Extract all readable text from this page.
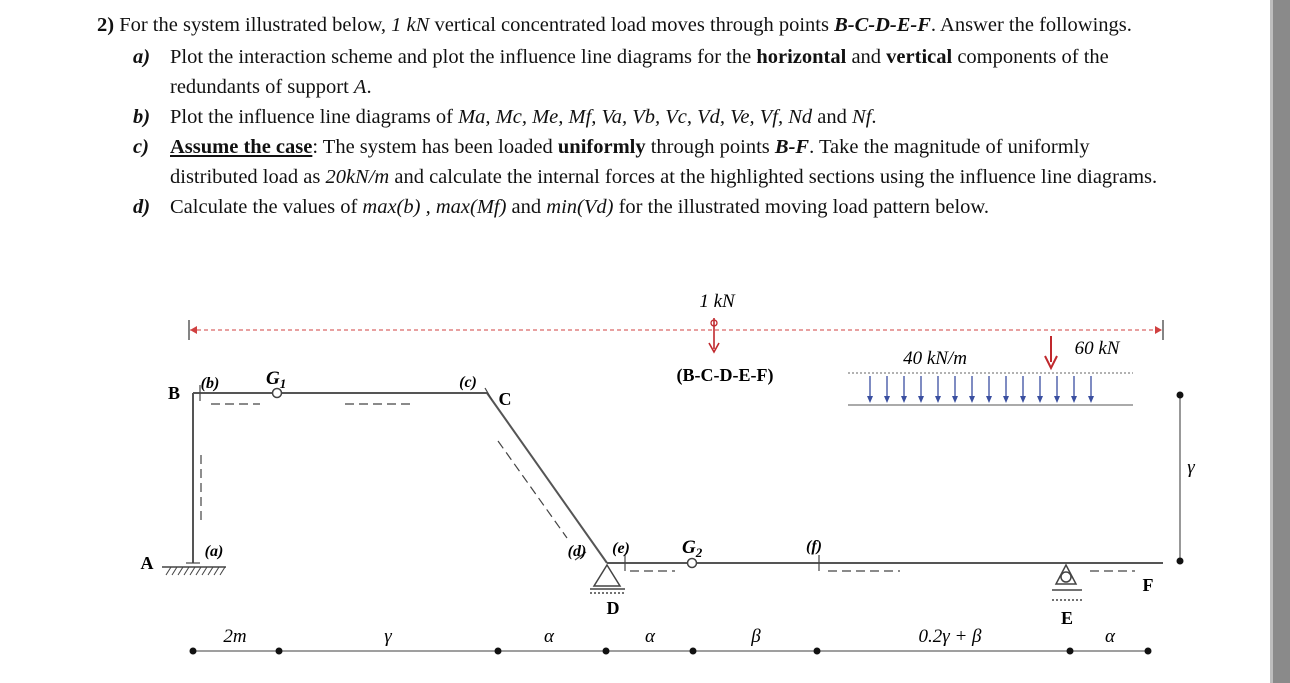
2) For the system illustrated below, 1 kN vertical concentrated load moves through points B-C-D-E-F. Answer the followings.
a) Plot the interaction scheme and plot the influence line diagrams for the horizontal and vertical components of the
redundants of support A.
b) Plot the influence line diagrams of Ma, Mc, Me, Mf, Va, Vb, Vc, Vd, Ve, Vf, Nd and Nf.
c) Assume the case: The system has been loaded uniformly through points B-F. Take the magnitude of uniformly
distributed load as 20kN/m and calculate the internal forces at the highlighted sections using the influence line diagrams.
d) Calculate the values of max(b) , max(Mf) and min(Vd) for the illustrated moving load pattern below.
1 kN
(B-C-D-E-F)
40 kN/m	60 kN
A
D	E
$G_1$
$G_2$
(b)	(c)
(a)	(d) (e)	(f)
B	C
F
γ
2m	γ	α	α	β	0.2γ + β	α
